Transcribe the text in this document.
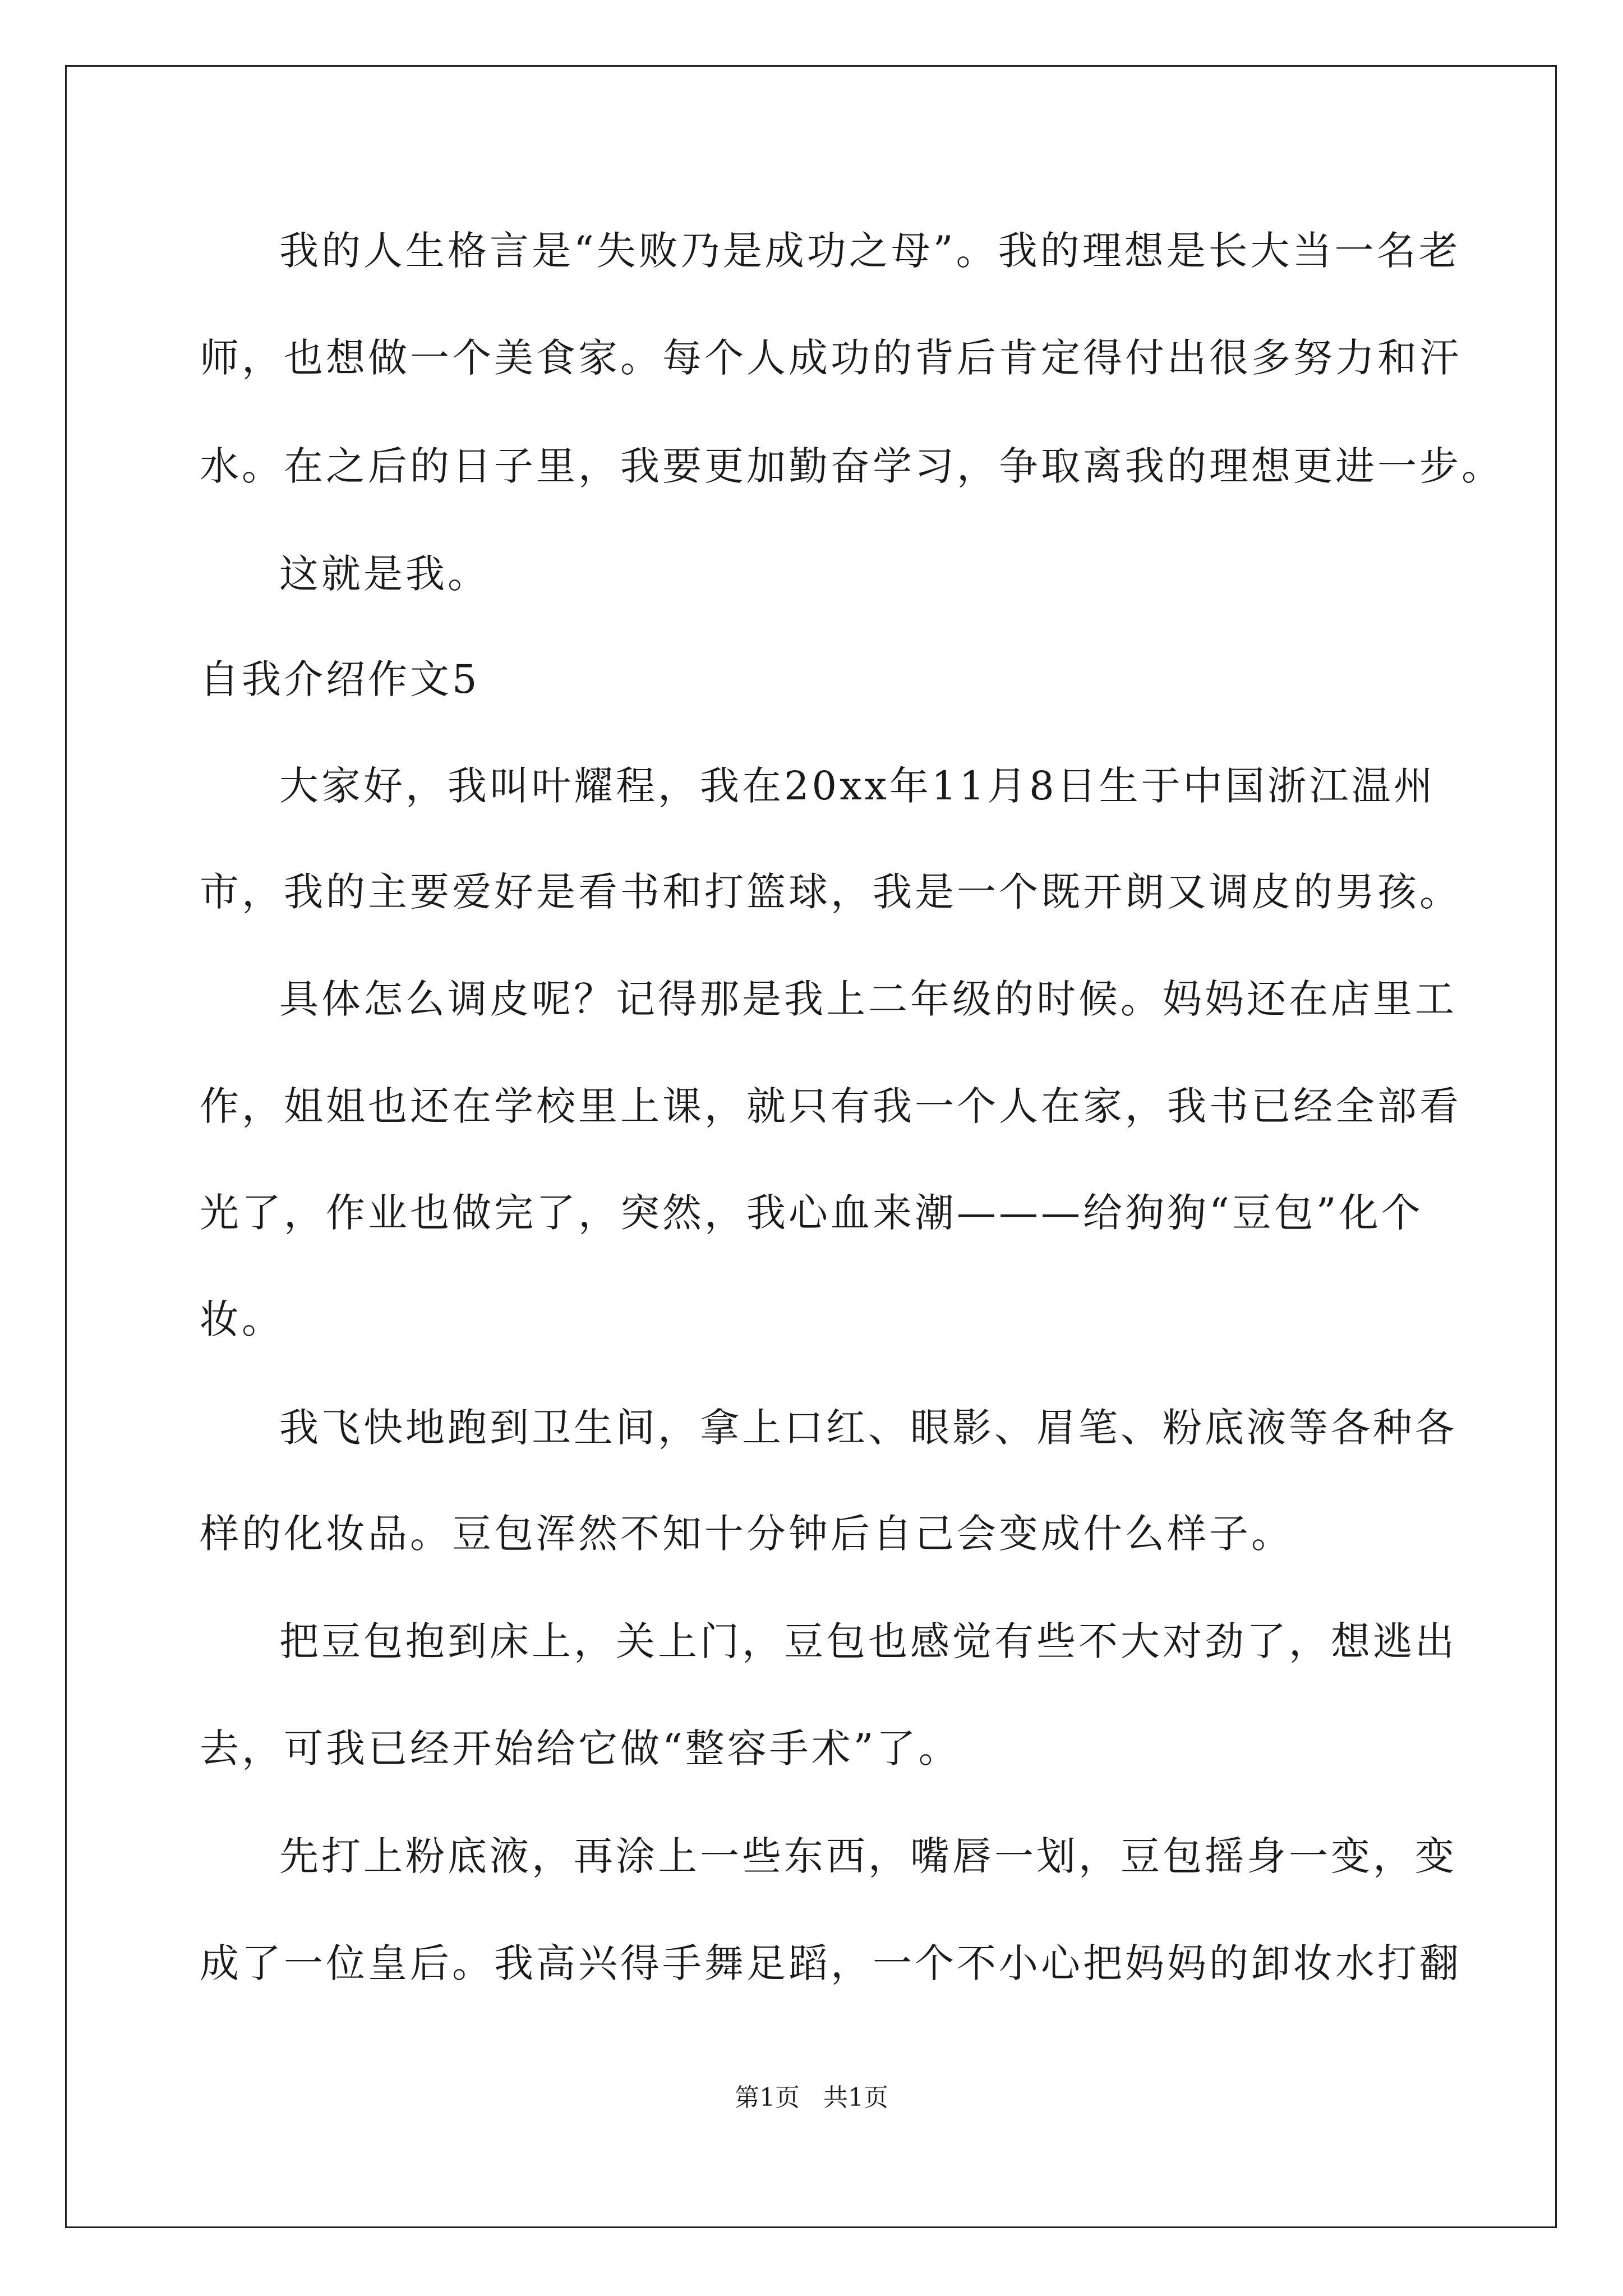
我的人生格言是“失败乃是成功之母”。我的理想是长大当一名老
师，也想做一个美食家。每个人成功的背后肯定得付出很多努力和汗
水。在之后的日子里，我要更加勤奋学习，争取离我的理想更进一步。
这就是我。
自我介绍作文5
大家好，我叫叶耀程，我在20xx年11月8日生于中国浙江温州
市，我的主要爱好是看书和打篮球，我是一个既开朗又调皮的男孩。
具体怎么调皮呢？记得那是我上二年级的时候。妈妈还在店里工
作，姐姐也还在学校里上课，就只有我一个人在家，我书已经全部看
光了，作业也做完了，突然，我心血来潮———给狗狗“豆包”化个
妆。
我飞快地跑到卫生间，拿上口红、眼影、眉笔、粉底液等各种各
样的化妆品。豆包浑然不知十分钟后自己会变成什么样子。
把豆包抱到床上，关上门，豆包也感觉有些不大对劲了，想逃出
去，可我已经开始给它做“整容手术”了。
先打上粉底液，再涂上一些东西，嘴唇一划，豆包摇身一变，变
成了一位皇后。我高兴得手舞足蹈，一个不小心把妈妈的卸妆水打翻
第1页   共1页
